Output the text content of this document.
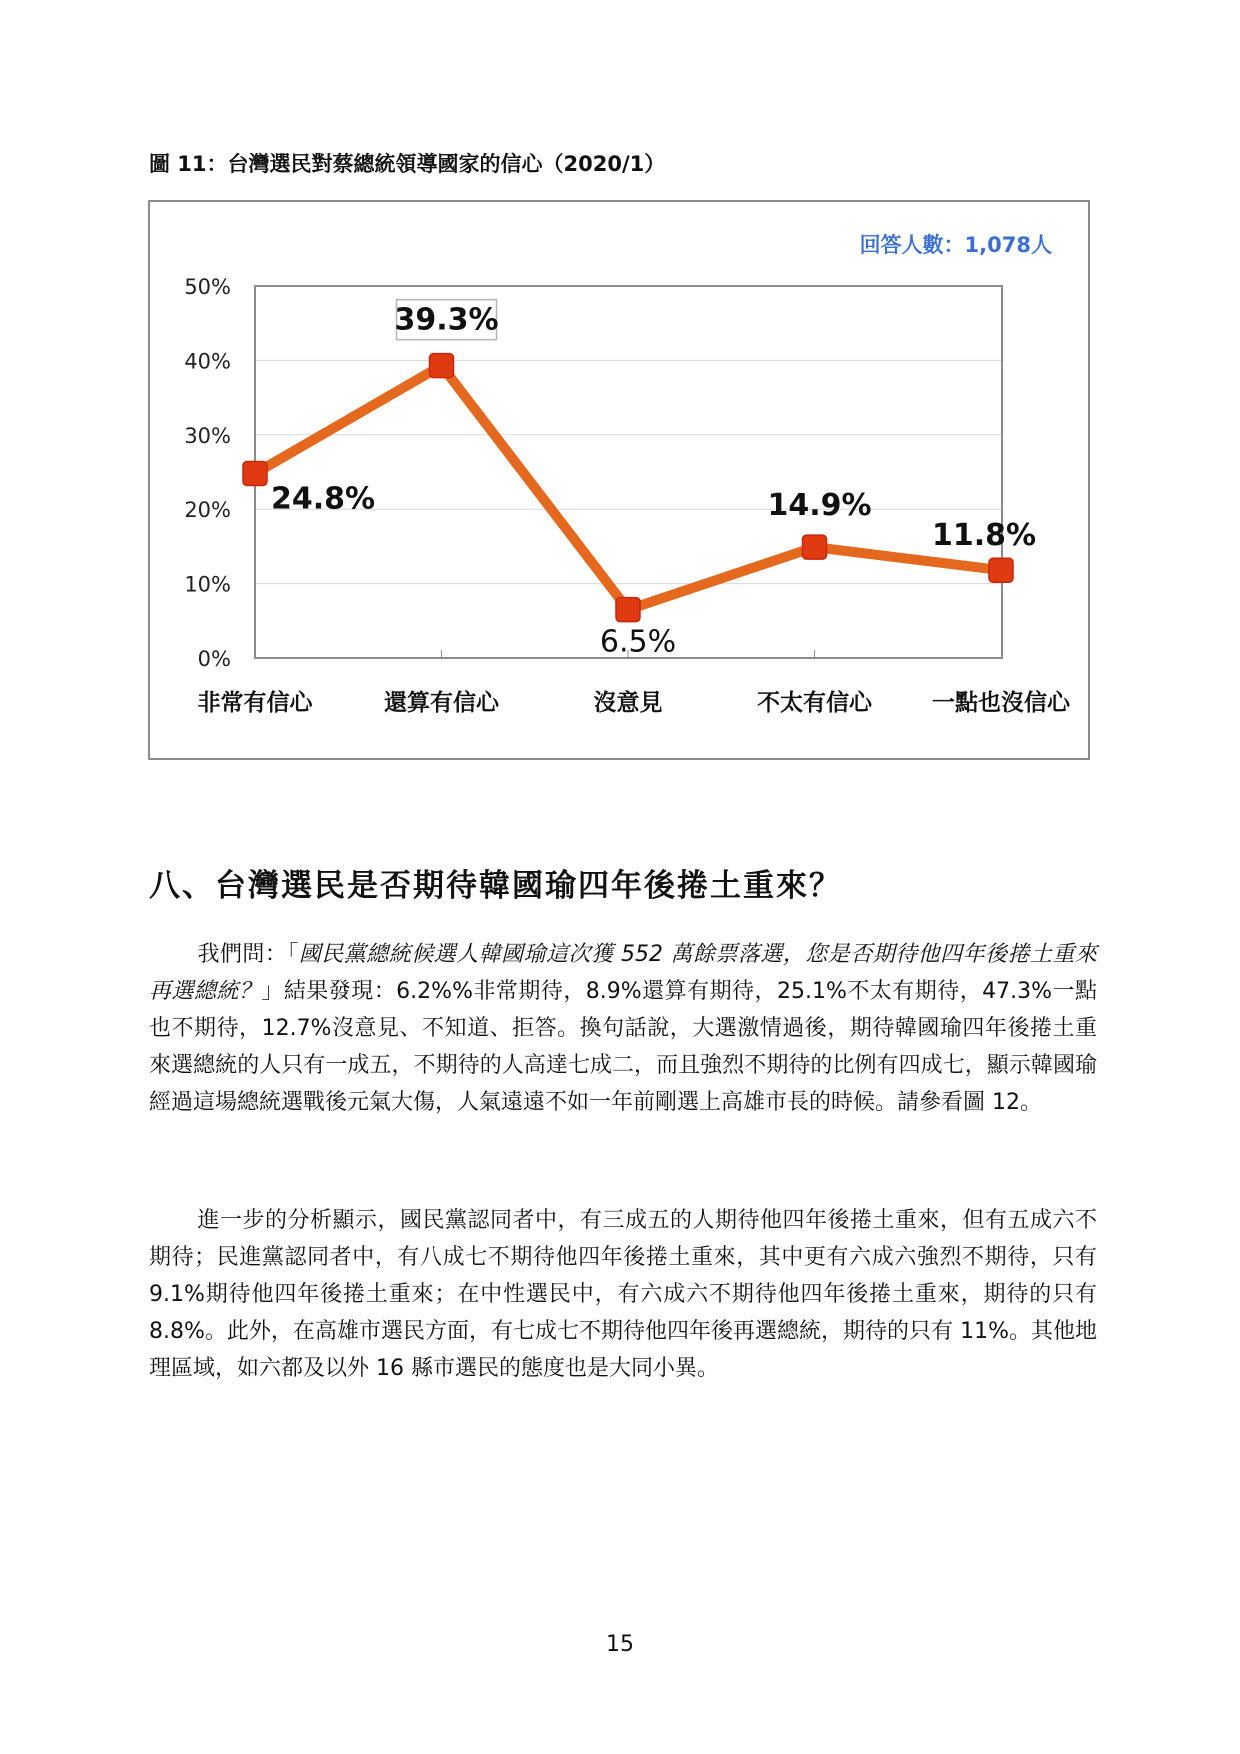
圖 11：台灣選民對蔡總統領導國家的信心（2020/1）
0%
10%
20%
30%
40%
50%
非常有信心	還算有信心	沒意見	不太有信心	一點也沒信心
24.8%
39.3%
6.5%
14.9%
11.8%
回答人數：1,078人
八、台灣選民是否期待韓國瑜四年後捲土重來？

我們問：「國民黨總統候選人韓國瑜這次獲 552 萬餘票落選，您是否期待他四年後捲土重來再選總統？」結果發現：6.2%%非常期待，8.9%還算有期待，25.1%不太有期待，47.3%一點也不期待，12.7%沒意見、不知道、拒答。換句話說，大選激情過後，期待韓國瑜四年後捲土重來選總統的人只有一成五，不期待的人高達七成二，而且強烈不期待的比例有四成七，顯示韓國瑜經過這場總統選戰後元氣大傷，人氣遠遠不如一年前剛選上高雄市長的時候。請參看圖 12。

進一步的分析顯示，國民黨認同者中，有三成五的人期待他四年後捲土重來，但有五成六不期待；民進黨認同者中，有八成七不期待他四年後捲土重來，其中更有六成六強烈不期待，只有 9.1%期待他四年後捲土重來；在中性選民中，有六成六不期待他四年後捲土重來，期待的只有 8.8%。此外，在高雄市選民方面，有七成七不期待他四年後再選總統，期待的只有 11%。其他地理區域，如六都及以外 16 縣市選民的態度也是大同小異。

15
